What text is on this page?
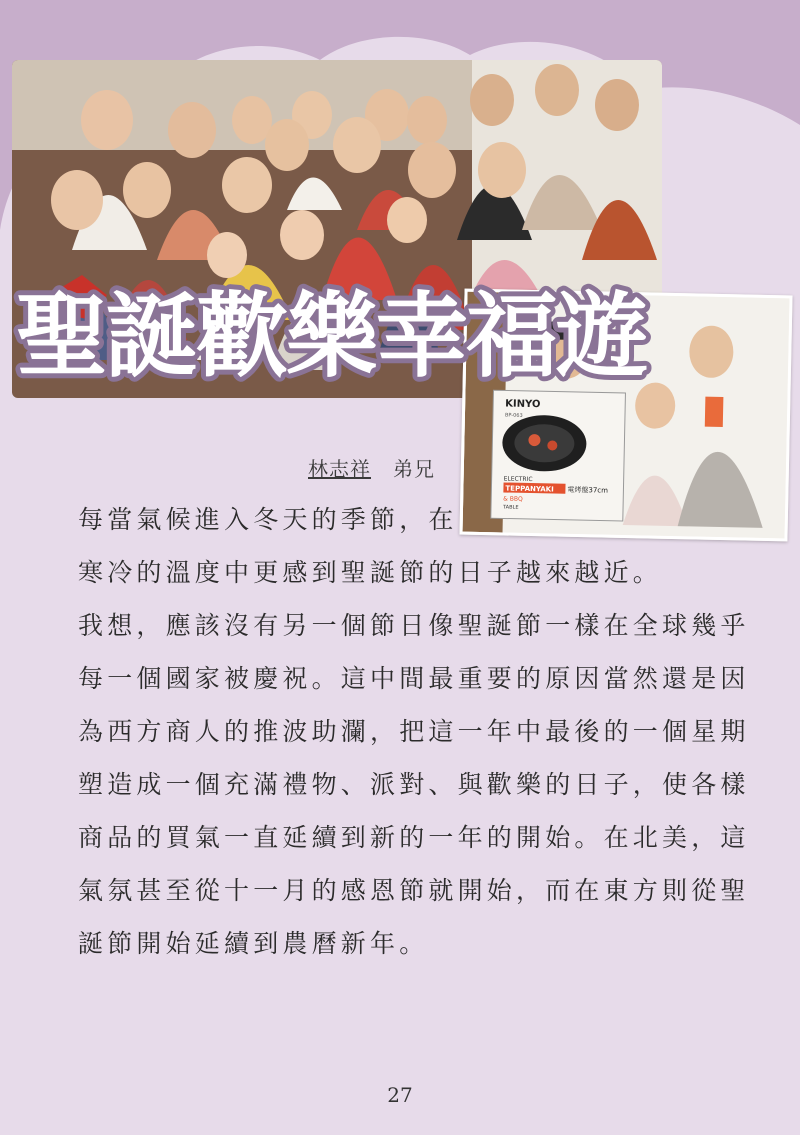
KINYO
BP-063
ELECTRIC
TEPPANYAKI 電烤盤37cm
& BBQ
TABLE
聖誕歡樂幸福遊
林志祥 弟兄
每當氣候進入冬天的季節，在
寒冷的溫度中更感到聖誕節的日子越來越近。
我想，應該沒有另一個節日像聖誕節一樣在全球幾乎
每一個國家被慶祝。這中間最重要的原因當然還是因
為西方商人的推波助瀾，把這一年中最後的一個星期
塑造成一個充滿禮物、派對、與歡樂的日子，使各樣
商品的買氣一直延續到新的一年的開始。在北美，這
氣氛甚至從十一月的感恩節就開始，而在東方則從聖
誕節開始延續到農曆新年。
27
